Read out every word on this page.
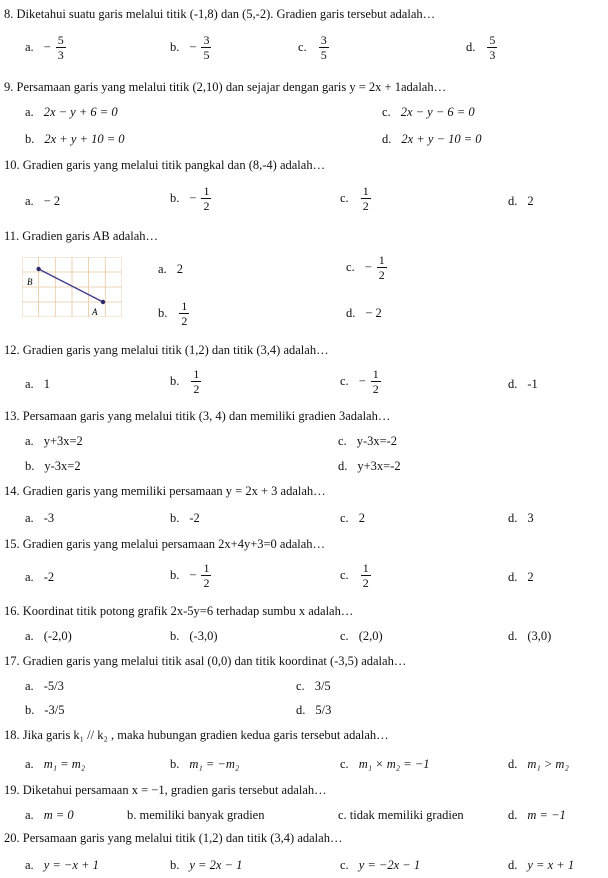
8. Diketahui suatu garis melalui titik (-1,8) dan (5,-2). Gradien garis tersebut adalah…
a. − $\frac{5}{3}$	b. − $\frac{3}{5}$	c. $\frac{3}{5}$	d. $\frac{5}{3}$
9. Persamaan garis yang melalui titik (2,10) dan sejajar dengan garis y = 2x + 1adalah…
a. 2x − y + 6 = 0	c. 2x − y − 6 = 0
b. 2x + y + 10 = 0	d. 2x + y − 10 = 0
10. Gradien garis yang melalui titik pangkal dan (8,-4) adalah…
a. − 2	b. − $\frac{1}{2}$	c. $\frac{1}{2}$	d. 2
11. Gradien garis AB adalah…
B
A
a. 2	c. − $\frac{1}{2}$
b. $\frac{1}{2}$	d. − 2
12. Gradien garis yang melalui titik (1,2) dan titik (3,4) adalah…
a. 1	b. $\frac{1}{2}$	c. − $\frac{1}{2}$	d. -1
13. Persamaan garis yang melalui titik (3, 4) dan memiliki gradien 3adalah…
a. y+3x=2	c. y-3x=-2
b. y-3x=2	d. y+3x=-2
14. Gradien garis yang memiliki persamaan y = 2x + 3 adalah…
a. -3	b. -2	c. 2	d. 3
15. Gradien garis yang melalui persamaan 2x+4y+3=0 adalah…
a. -2	b. − $\frac{1}{2}$	c. $\frac{1}{2}$	d. 2
16. Koordinat titik potong grafik 2x-5y=6 terhadap sumbu x adalah…
a. (-2,0)	b. (-3,0)	c. (2,0)	d. (3,0)
17. Gradien garis yang melalui titik asal (0,0) dan titik koordinat (-3,5) adalah…
a. -5/3	c. 3/5
b. -3/5	d. 5/3
18. Jika garis k₁ // k₂ , maka hubungan gradien kedua garis tersebut adalah…
a. m₁ = m₂	b. m₁ = −m₂	c. m₁ × m₂ = −1	d. m₁ > m₂
19. Diketahui persamaan x = −1, gradien garis tersebut adalah…
a. m = 0	b. memiliki banyak gradien	c. tidak memiliki gradien	d. m = −1
20. Persamaan garis yang melalui titik (1,2) dan titik (3,4) adalah…
a. y = −x + 1	b. y = 2x − 1	c. y = −2x − 1	d. y = x + 1
